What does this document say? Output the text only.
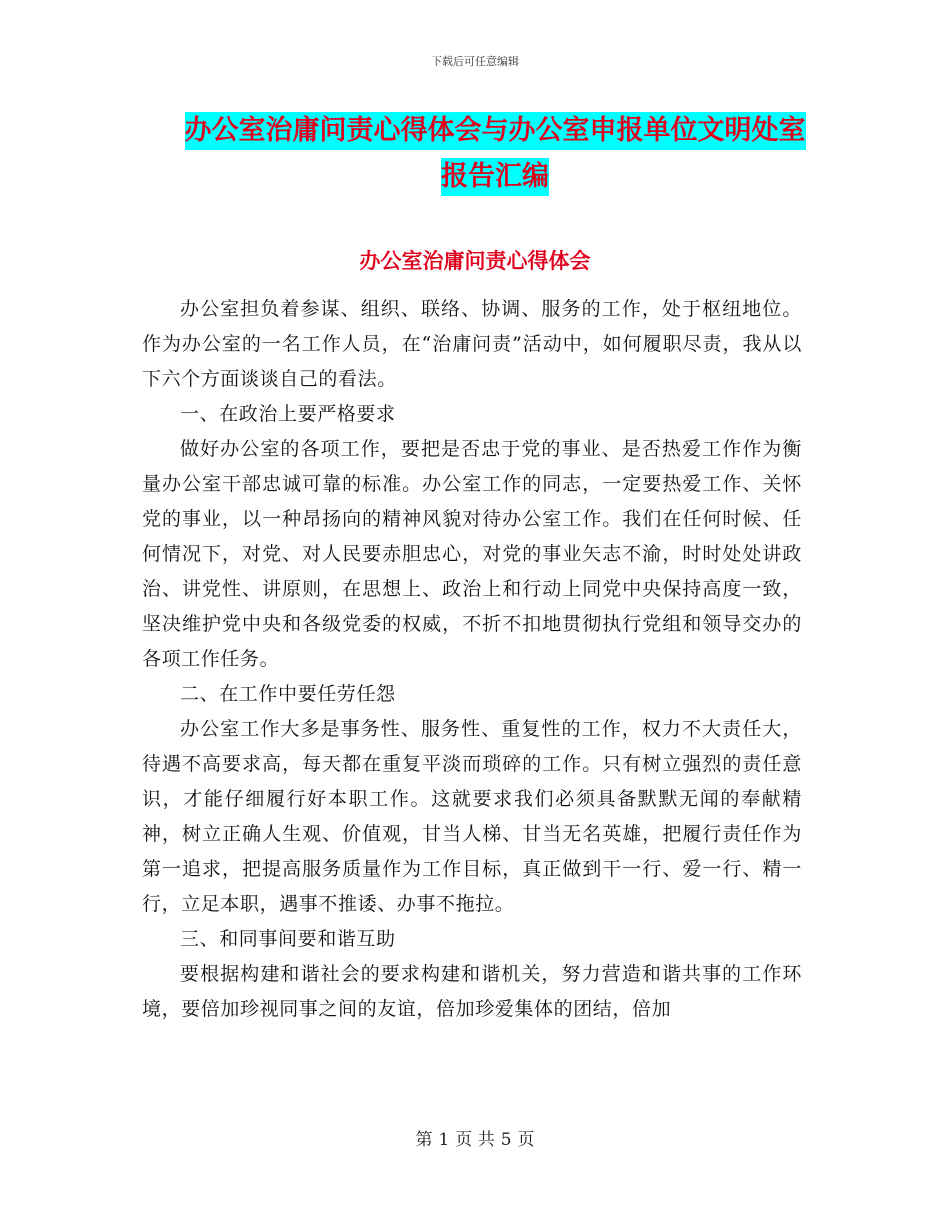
下载后可任意编辑
办公室治庸问责心得体会与办公室申报单位文明处室
报告汇编
办公室治庸问责心得体会

办公室担负着参谋、组织、联络、协调、服务的工作，处于枢纽地位。作为办公室的一名工作人员，在“治庸问责”活动中，如何履职尽责，我从以下六个方面谈谈自己的看法。

一、在政治上要严格要求

做好办公室的各项工作，要把是否忠于党的事业、是否热爱工作作为衡量办公室干部忠诚可靠的标准。办公室工作的同志，一定要热爱工作、关怀党的事业，以一种昂扬向的精神风貌对待办公室工作。我们在任何时候、任何情况下，对党、对人民要赤胆忠心，对党的事业矢志不渝，时时处处讲政治、讲党性、讲原则，在思想上、政治上和行动上同党中央保持高度一致，坚决维护党中央和各级党委的权威，不折不扣地贯彻执行党组和领导交办的各项工作任务。

二、在工作中要任劳任怨

办公室工作大多是事务性、服务性、重复性的工作，权力不大责任大，待遇不高要求高，每天都在重复平淡而琐碎的工作。只有树立强烈的责任意识，才能仔细履行好本职工作。这就要求我们必须具备默默无闻的奉献精神，树立正确人生观、价值观，甘当人梯、甘当无名英雄，把履行责任作为第一追求，把提高服务质量作为工作目标，真正做到干一行、爱一行、精一行，立足本职，遇事不推诿、办事不拖拉。

三、和同事间要和谐互助

要根据构建和谐社会的要求构建和谐机关，努力营造和谐共事的工作环境，要倍加珍视同事之间的友谊，倍加珍爱集体的团结，倍加

第 1 页 共 5 页
